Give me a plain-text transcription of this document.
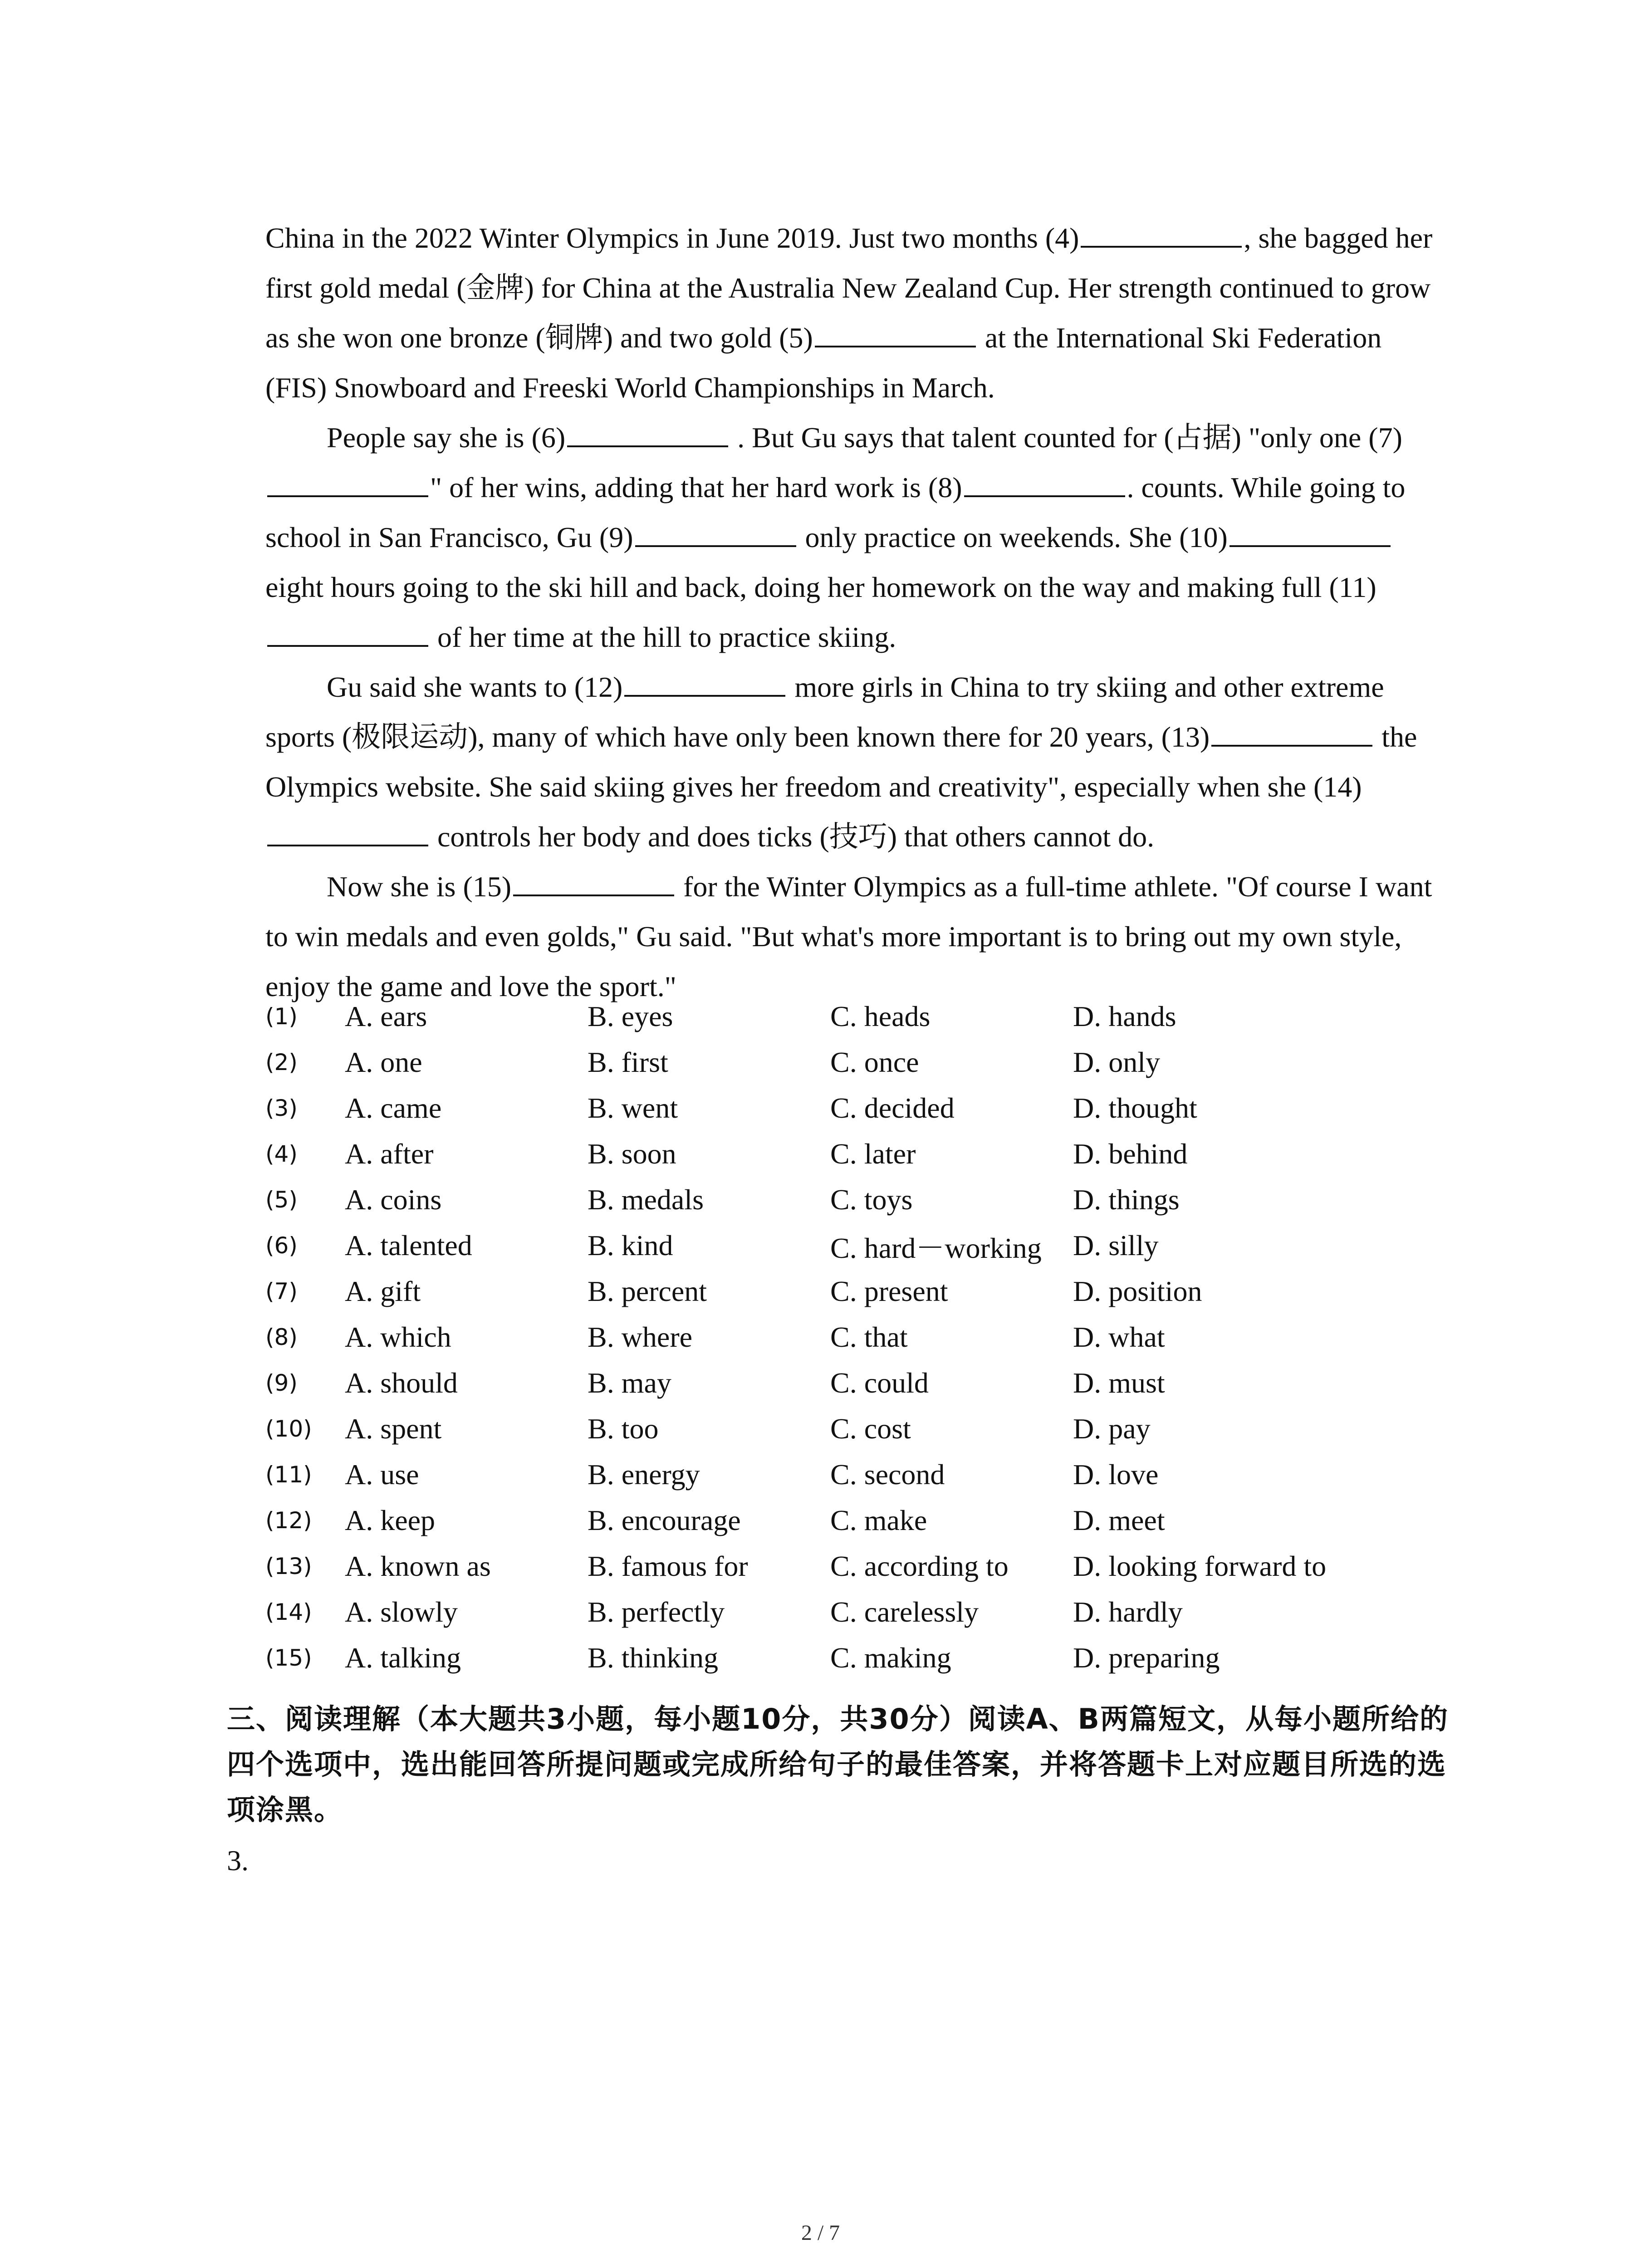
China in the 2022 Winter Olympics in June 2019. Just two months (4)	, she bagged her first gold medal (金牌) for China at the Australia New Zealand Cup. Her strength continued to grow as she won one bronze (铜牌) and two gold (5)	at the International Ski Federation (FIS) Snowboard and Freeski World Championships in March.

People say she is (6)	. But Gu says that talent counted for (占据) "only one (7)" of her wins, adding that her hard work is (8)	. counts. While going to school in San Francisco, Gu (9)	only practice on weekends. She (10) eight hours going to the ski hill and back, doing her homework on the way and making full (11) of her time at the hill to practice skiing.

Gu said she wants to (12)	more girls in China to try skiing and other extreme sports (极限运动), many of which have only been known there for 20 years, (13)	the Olympics website. She said skiing gives her freedom and creativity", especially when she (14) controls her body and does ticks (技巧) that others cannot do.

Now she is (15)	for the Winter Olympics as a full-time athlete. "Of course I want to win medals and even golds," Gu said. "But what's more important is to bring out my own style, enjoy the game and love the sport."

(1)	A. ears	B. eyes	C. heads	D. hands
(2)	A. one	B. first	C. once	D. only
(3)	A. came	B. went	C. decided	D. thought
(4)	A. after	B. soon	C. later	D. behind
(5)	A. coins	B. medals	C. toys	D. things
(6)	A. talented	B. kind	C. hard－working	D. silly
(7)	A. gift	B. percent	C. present	D. position
(8)	A. which	B. where	C. that	D. what
(9)	A. should	B. may	C. could	D. must
(10)	A. spent	B. too	C. cost	D. pay
(11)	A. use	B. energy	C. second	D. love
(12)	A. keep	B. encourage	C. make	D. meet
(13)	A. known as	B. famous for	C. according to	D. looking forward to
(14)	A. slowly	B. perfectly	C. carelessly	D. hardly
(15)	A. talking	B. thinking	C. making	D. preparing
三、阅读理解（本大题共3小题，每小题10分，共30分）阅读A、B两篇短文，从每小题所给的四个选项中，选出能回答所提问题或完成所给句子的最佳答案，并将答题卡上对应题目所选的选项涂黑。
3.
2 / 7
